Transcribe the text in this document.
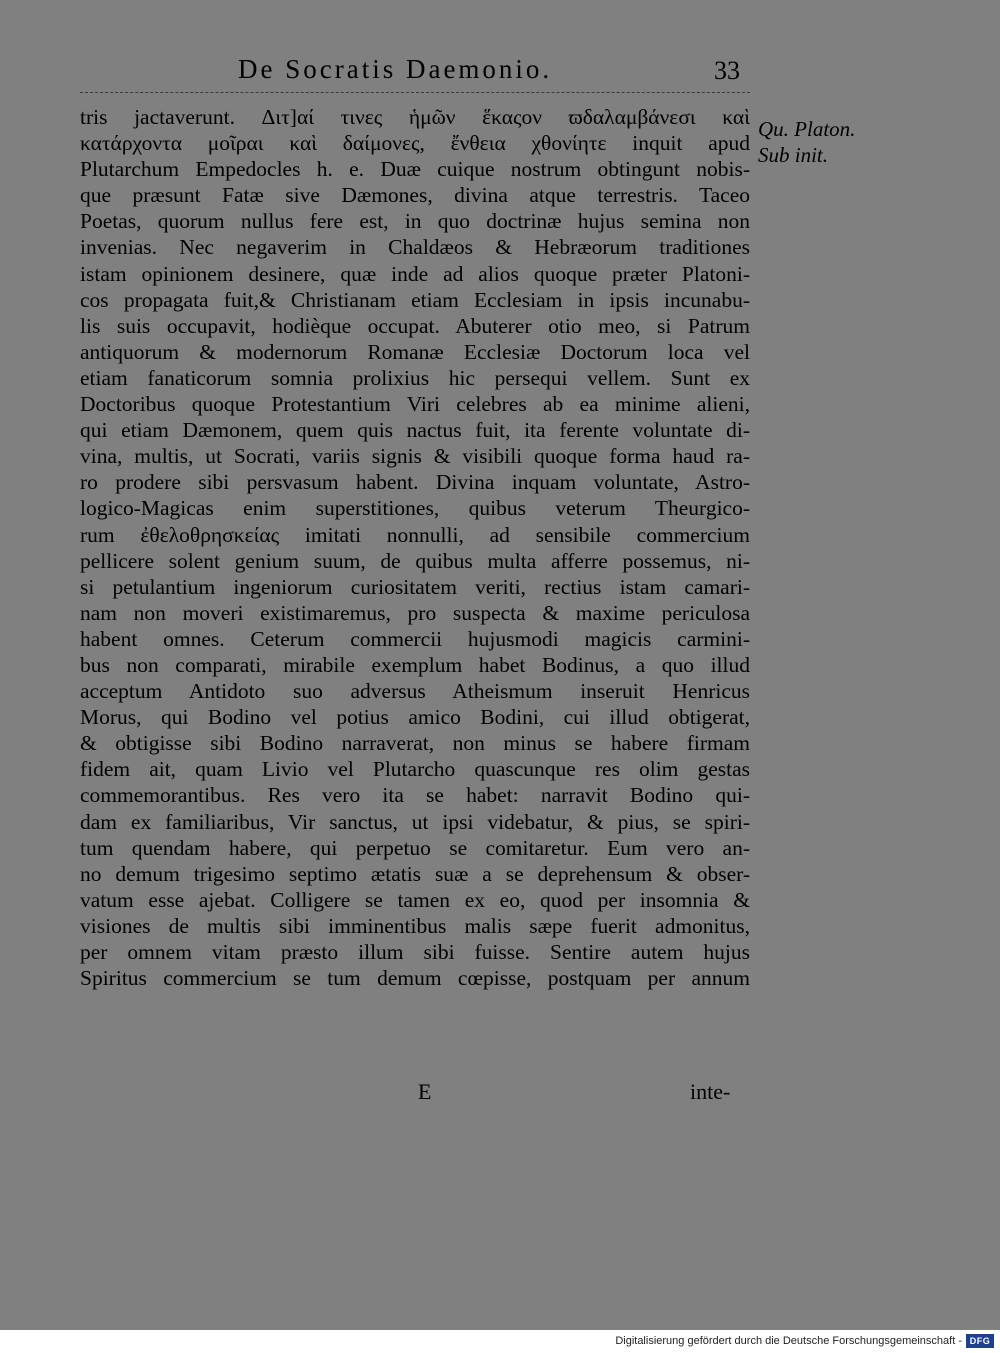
De Socratis Daemonio.	33
Qu. Platon.
Sub init.
tris jactaverunt. Διτ]αί τινες ἡμῶν ἕκαςον ϖδαλαμβάνεσι καὶ
κατάρχοντα μοῖραι καὶ δαίμονες, ἔνθεια χθονίητε inquit apud
Plutarchum Empedocles h. e. Duæ cuique nostrum obtingunt nobis-
que præsunt Fatæ sive Dæmones, divina atque terrestris. Taceo
Poetas, quorum nullus fere est, in quo doctrinæ hujus semina non
invenias. Nec negaverim in Chaldæos & Hebræorum traditiones
istam opinionem desinere, quæ inde ad alios quoque præter Platoni-
cos propagata fuit,& Christianam etiam Ecclesiam in ipsis incunabu-
lis suis occupavit, hodièque occupat. Abuterer otio meo, si Patrum
antiquorum & modernorum Romanæ Ecclesiæ Doctorum loca vel
etiam fanaticorum somnia prolixius hic persequi vellem. Sunt ex
Doctoribus quoque Protestantium Viri celebres ab ea minime alieni,
qui etiam Dæmonem, quem quis nactus fuit, ita ferente voluntate di-
vina, multis, ut Socrati, variis signis & visibili quoque forma haud ra-
ro prodere sibi persvasum habent. Divina inquam voluntate, Astro-
logico-Magicas enim superstitiones, quibus veterum Theurgico-
rum ἐθελοθρησκείας imitati nonnulli, ad sensibile commercium
pellicere solent genium suum, de quibus multa afferre possemus, ni-
si petulantium ingeniorum curiositatem veriti, rectius istam camari-
nam non moveri existimaremus, pro suspecta & maxime periculosa
habent omnes. Ceterum commercii hujusmodi magicis carmini-
bus non comparati, mirabile exemplum habet Bodinus, a quo illud
acceptum Antidoto suo adversus Atheismum inseruit Henricus
Morus, qui Bodino vel potius amico Bodini, cui illud obtigerat,
& obtigisse sibi Bodino narraverat, non minus se habere firmam
fidem ait, quam Livio vel Plutarcho quascunque res olim gestas
commemorantibus. Res vero ita se habet: narravit Bodino qui-
dam ex familiaribus, Vir sanctus, ut ipsi videbatur, & pius, se spiri-
tum quendam habere, qui perpetuo se comitaretur. Eum vero an-
no demum trigesimo septimo ætatis suæ a se deprehensum & obser-
vatum esse ajebat. Colligere se tamen ex eo, quod per insomnia &
visiones de multis sibi imminentibus malis sæpe fuerit admonitus,
per omnem vitam præsto illum sibi fuisse. Sentire autem hujus
Spiritus commercium se tum demum cœpisse, postquam per annum
E	inte-
Digitalisierung gefördert durch die Deutsche Forschungsgemeinschaft - DFG
